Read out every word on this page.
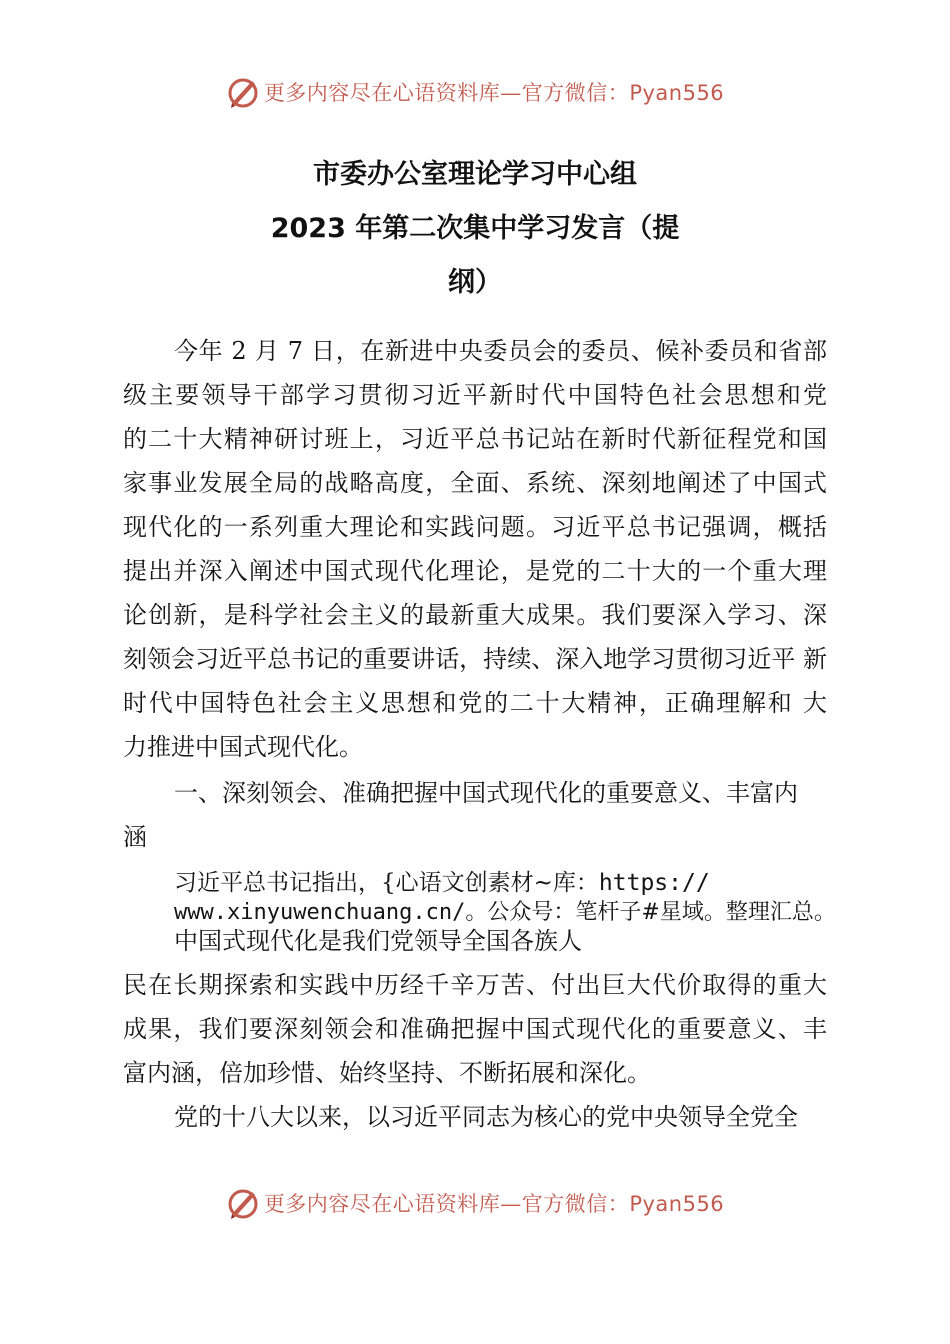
更多内容尽在心语资料库—官方微信：Pyan556
市委办公室理论学习中心组
2023 年第二次集中学习发言（提
纲）
今年 2 月 7 日，在新进中央委员会的委员、候补委员和省部
级主要领导干部学习贯彻习近平新时代中国特色社会思想和党
的二十大精神研讨班上，习近平总书记站在新时代新征程党和国
家事业发展全局的战略高度，全面、系统、深刻地阐述了中国式
现代化的一系列重大理论和实践问题。习近平总书记强调，概括
提出并深入阐述中国式现代化理论，是党的二十大的一个重大理
论创新，是科学社会主义的最新重大成果。我们要深入学习、深
刻领会习近平总书记的重要讲话，持续、深入地学习贯彻习近平 新
时代中国特色社会主义思想和党的二十大精神，正确理解和 大
力推进中国式现代化。
一、深刻领会、准确把握中国式现代化的重要意义、丰富内
涵
习近平总书记指出，{心语文创素材~库：https://
www.xinyuwenchuang.cn/。公众号：笔杆子#星域。整理汇总。
中国式现代化是我们党领导全国各族人
民在长期探索和实践中历经千辛万苦、付出巨大代价取得的重大
成果，我们要深刻领会和准确把握中国式现代化的重要意义、丰
富内涵，倍加珍惜、始终坚持、不断拓展和深化。
党的十八大以来，以习近平同志为核心的党中央领导全党全
更多内容尽在心语资料库—官方微信：Pyan556
